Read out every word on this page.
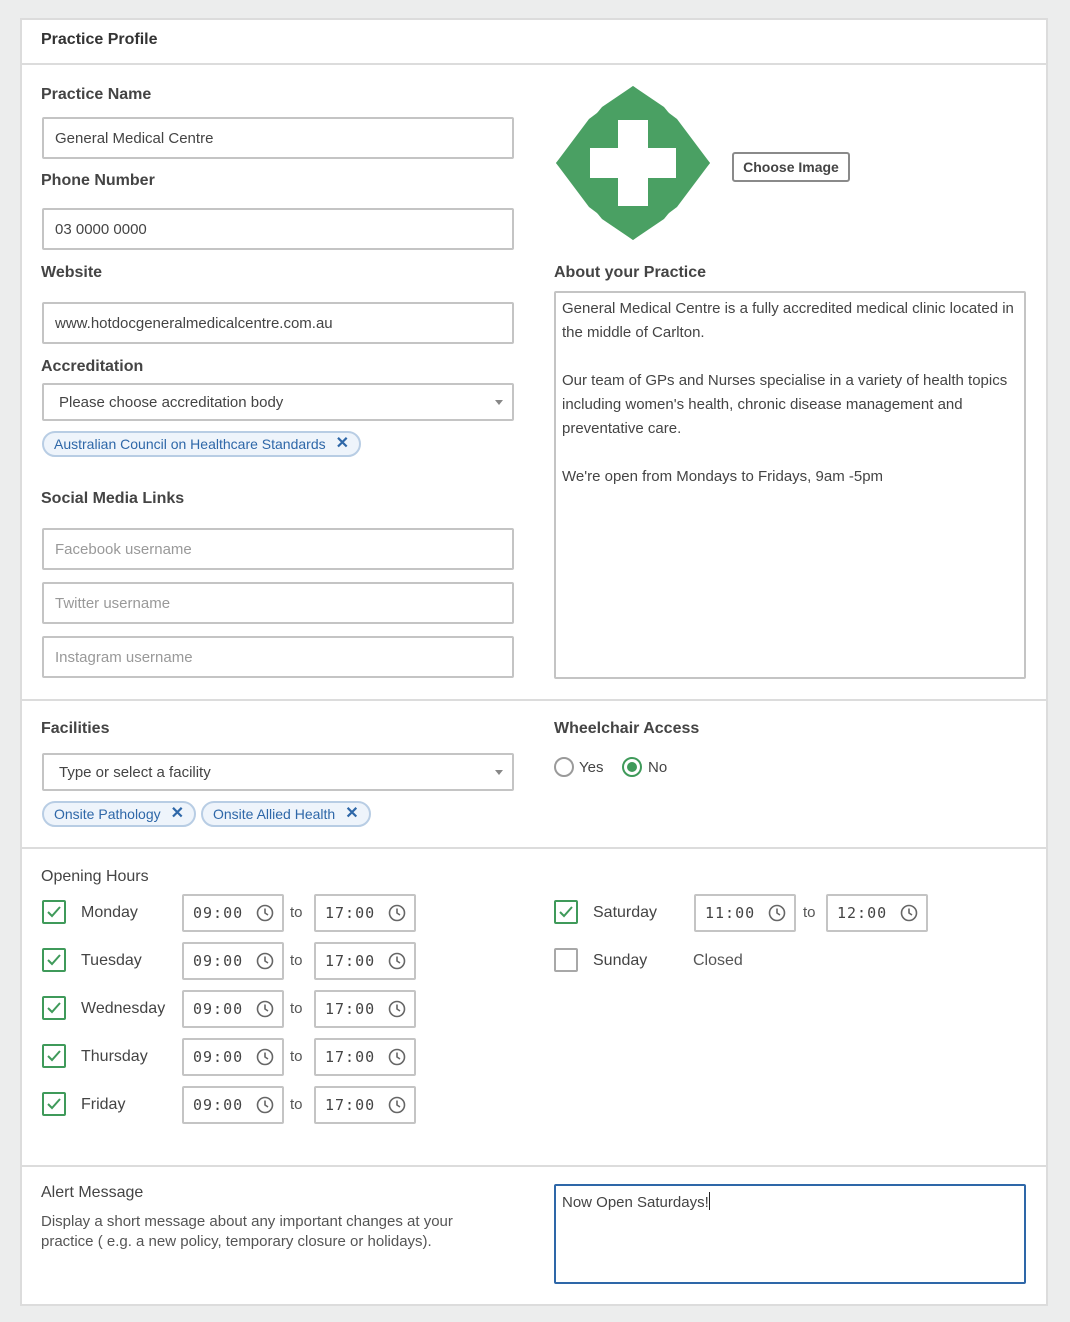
Practice Profile
Practice Name
General Medical Centre
Phone Number
03 0000 0000
Website
www.hotdocgeneralmedicalcentre.com.au
Accreditation
Please choose accreditation body
Australian Council on Healthcare Standards ✕
Social Media Links
Facebook username
Twitter username
Instagram username
Choose Image
About your Practice

General Medical Centre is a fully accredited medical clinic located in the middle of Carlton.

Our team of GPs and Nurses specialise in a variety of health topics including women's health, chronic disease management and preventative care.

We're open from Mondays to Fridays, 9am -5pm

Facilities
Type or select a facility
Onsite Pathology ✕ Onsite Allied Health ✕
Wheelchair Access
Yes	No
Opening Hours
Monday	09:00	to 17:00
Tuesday	09:00	to 17:00
Wednesday 09:00	to 17:00
Thursday	09:00	to 17:00
Friday	09:00	to 17:00
Saturday	11:00	to 12:00
Sunday	Closed
Alert Message
Display a short message about any important changes at your practice ( e.g. a new policy, temporary closure or holidays).
Now Open Saturdays!
